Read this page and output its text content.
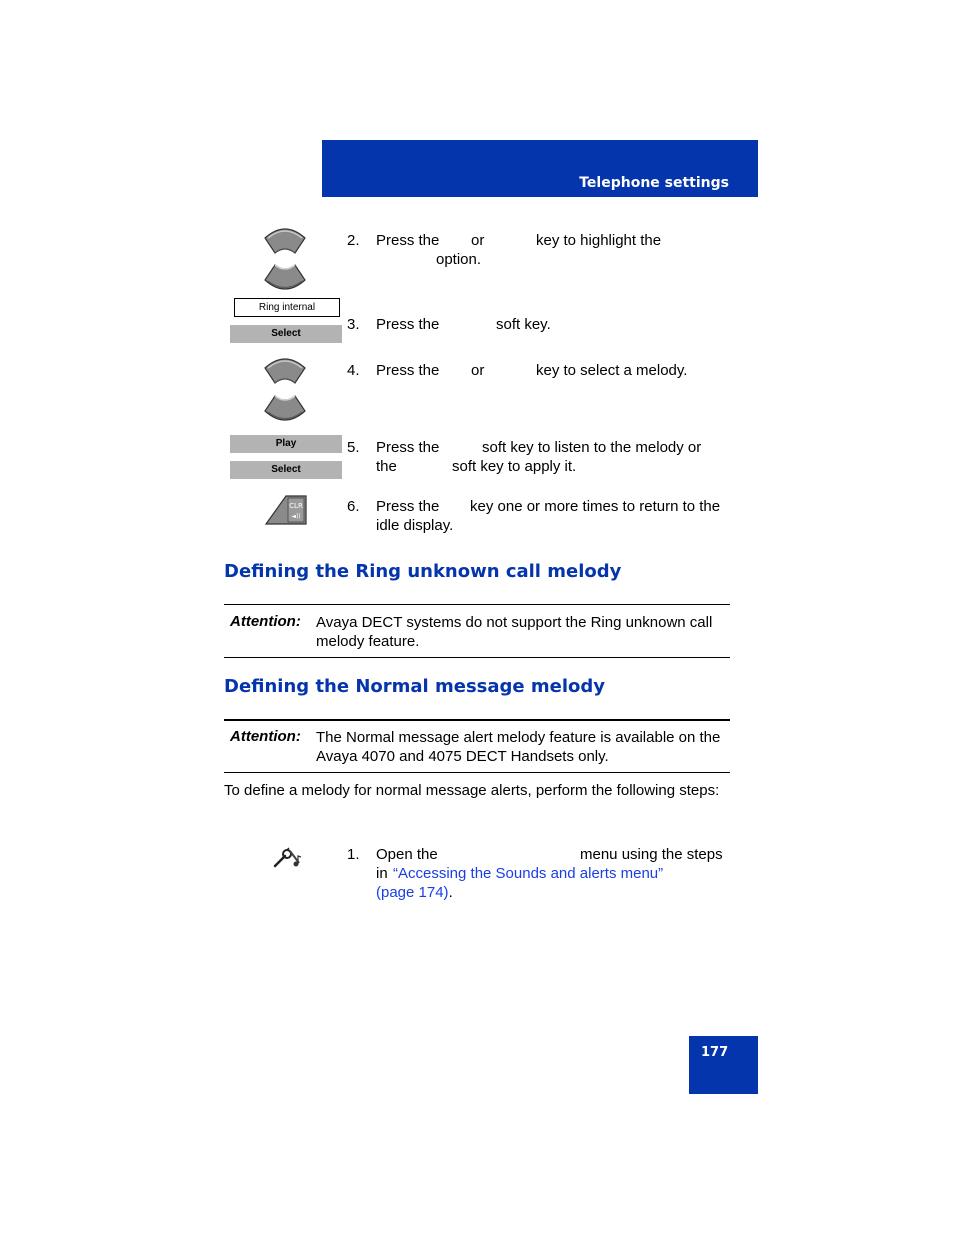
Telephone settings
2. Press the or	key to highlight the
option.
Ring internal
Select
3. Press the	soft key.
4. Press the or	key to select a melody.
Play
Select
5. Press the	soft key to listen to the melody or
the	soft key to apply it.
CLR
◄))
6. Press the key one or more times to return to the
idle display.
Defining the Ring unknown call melody
Attention: Avaya DECT systems do not support the Ring unknown call melody feature.
Defining the Normal message melody
Attention: The Normal message alert melody feature is available on the Avaya 4070 and 4075 DECT Handsets only.
To define a melody for normal message alerts, perform the following steps:
1. Open the	menu using the steps
in “Accessing the Sounds and alerts menu” (page 174).
177
